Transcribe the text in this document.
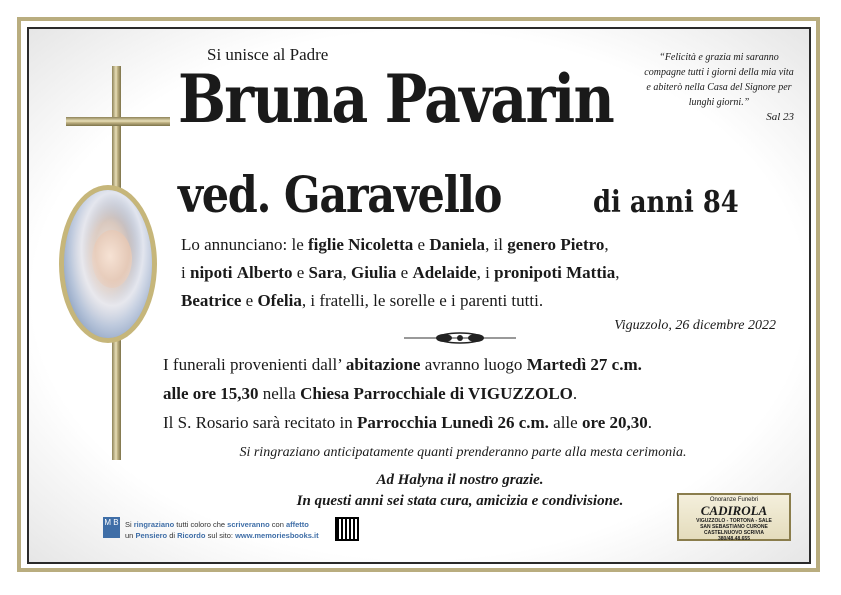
Si unisce al Padre
Bruna Pavarin
ved. Garavello	di anni 84
“Felicità e grazia mi saranno compagne tutti i giorni della mia vita e abiterò nella Casa del Signore per lunghi giorni.”
Sal 23
Lo annunciano: le figlie Nicoletta e Daniela, il genero Pietro,
i nipoti Alberto e Sara, Giulia e Adelaide, i pronipoti Mattia,
Beatrice e Ofelia, i fratelli, le sorelle e i parenti tutti.
Viguzzolo, 26 dicembre 2022
I funerali provenienti dall’ abitazione avranno luogo Martedì 27 c.m.
alle ore 15,30 nella Chiesa Parrocchiale di VIGUZZOLO.
Il S. Rosario sarà recitato in Parrocchia Lunedì 26 c.m. alle ore 20,30.
Si ringraziano anticipatamente quanti prenderanno parte alla mesta cerimonia.
Ad Halyna il nostro grazie.
In questi anni sei stata cura, amicizia e condivisione.
M B Si ringraziano tutti coloro che scriveranno con affetto
un Pensiero di Ricordo sul sito: www.memoriesbooks.it
Onoranze Funebri
CADIROLA
VIGUZZOLO - TORTONA - SALE
SAN SEBASTIANO CURONE
CASTELNUOVO SCRIVIA
380/48.48.655
